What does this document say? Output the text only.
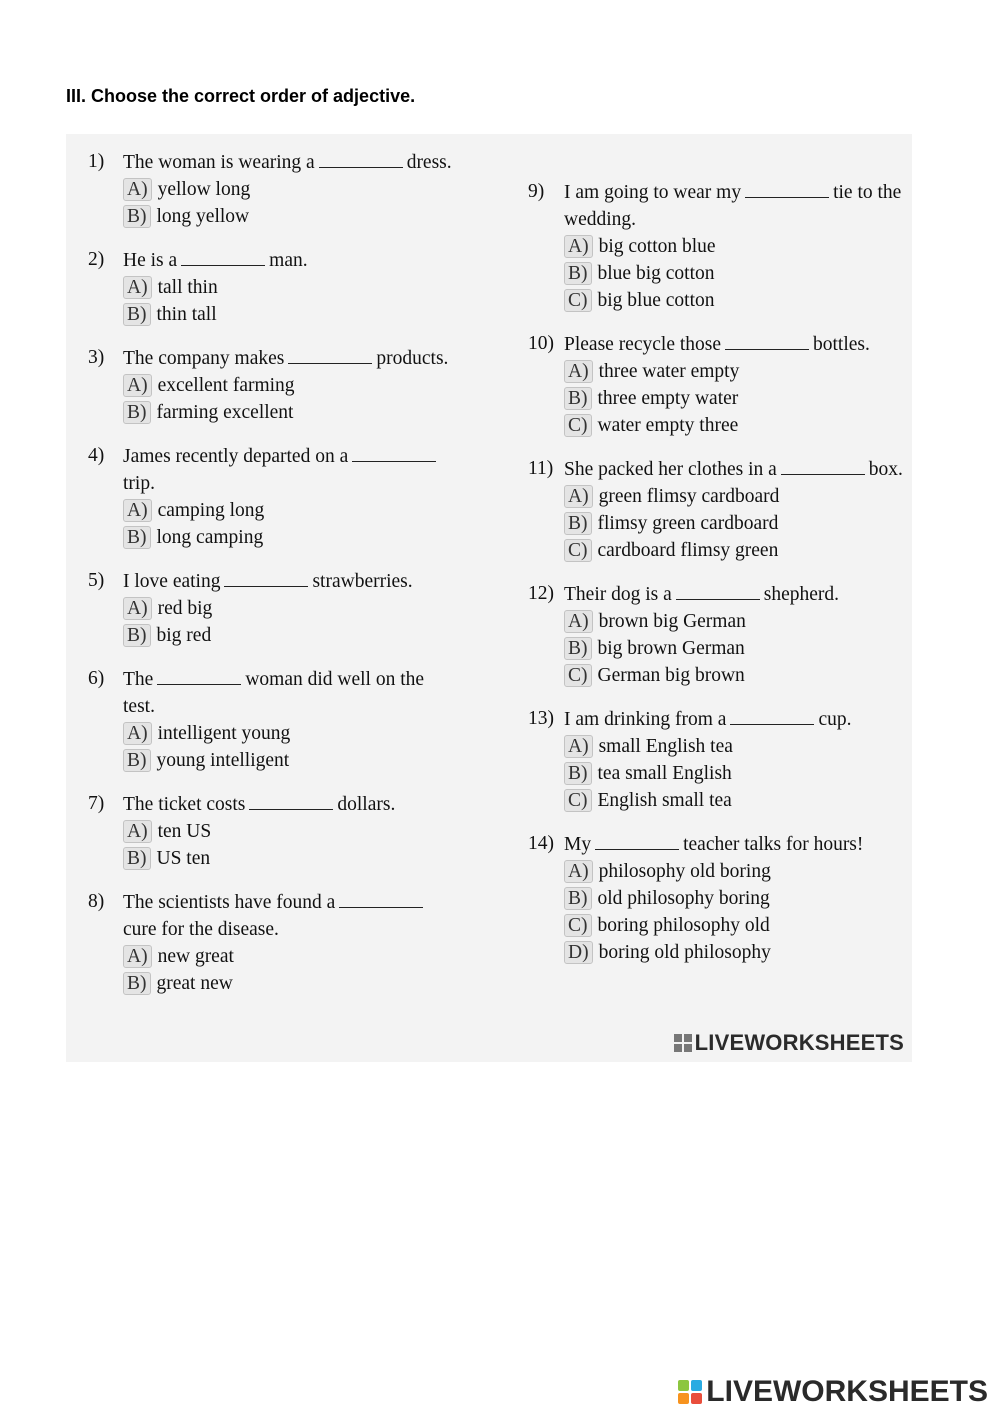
III. Choose the correct order of adjective.
1) The woman is wearing a	dress.
A) yellow long
B) long yellow
2) He is a	man.
A) tall thin
B) thin tall
3) The company makes	products.
A) excellent farming
B) farming excellent
4) James recently departed on atrip.
A) camping long
B) long camping
5) I love eating	strawberries.
A) red big
B) big red
6) The	woman did well on the test.
A) intelligent young
B) young intelligent
7) The ticket costs	dollars.
A) ten US
B) US ten
8) The scientists have found acure for the disease.
A) new great
B) great new
9)	I am going to wear my	tie to the wedding.
A) big cotton blue
B) blue big cotton
C) big blue cotton
10) Please recycle those	bottles.
A) three water empty
B) three empty water
C) water empty three
11) She packed her clothes in a	box.
A) green flimsy cardboard
B) flimsy green cardboard
C) cardboard flimsy green
12) Their dog is a	shepherd.
A) brown big German
B) big brown German
C) German big brown
13) I am drinking from a	cup.
A) small English tea
B) tea small English
C) English small tea
14) My	teacher talks for hours!
A) philosophy old boring
B) old philosophy boring
C) boring philosophy old
D) boring old philosophy
LIVEWORKSHEETS
LIVEWORKSHEETS
